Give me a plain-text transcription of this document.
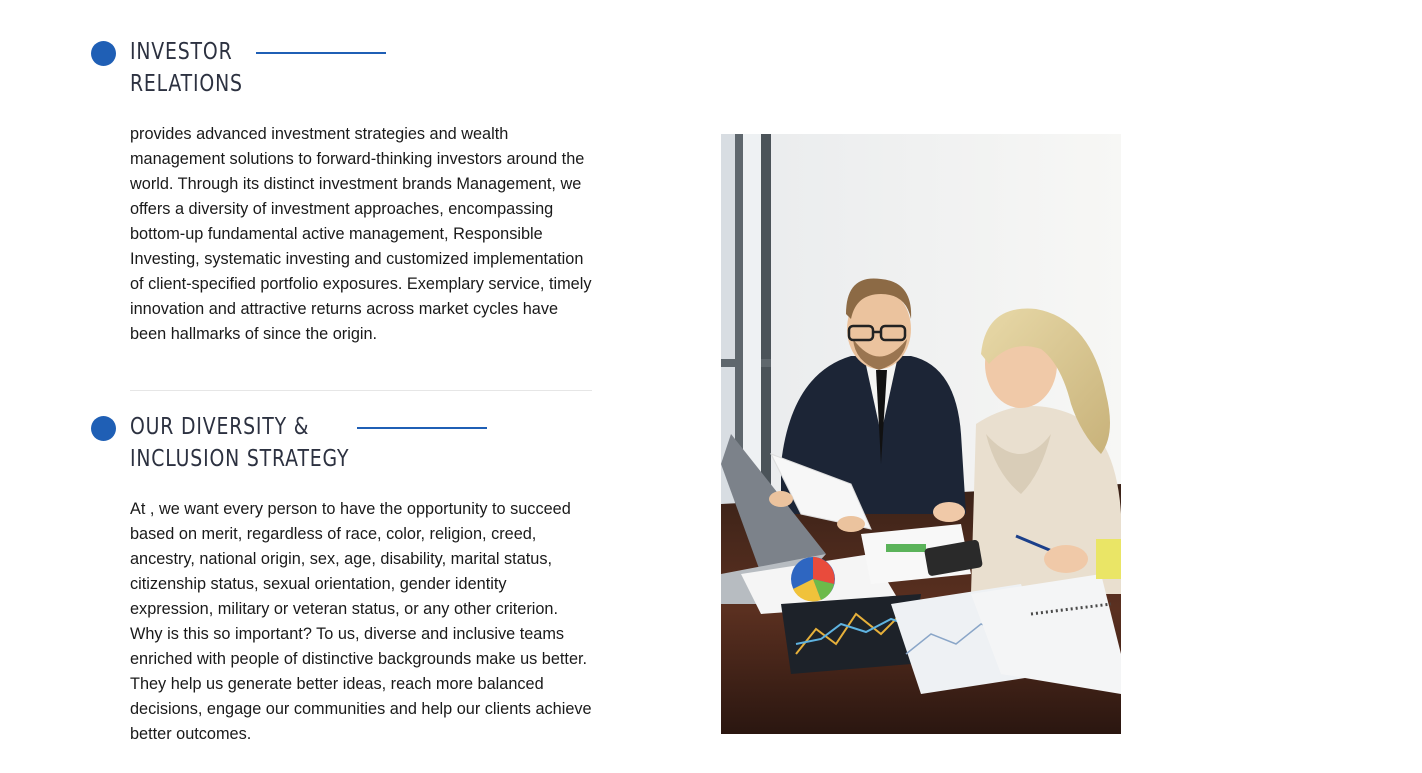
INVESTOR
RELATIONS

provides advanced investment strategies and wealth management solutions to forward-thinking investors around the world. Through its distinct investment brands Management, we offers a diversity of investment approaches, encompassing bottom-up fundamental active management, Responsible Investing, systematic investing and customized implementation of client-specified portfolio exposures. Exemplary service, timely innovation and attractive returns across market cycles have been hallmarks of since the origin.

OUR DIVERSITY &
INCLUSION STRATEGY

At , we want every person to have the opportunity to succeed based on merit, regardless of race, color, religion, creed, ancestry, national origin, sex, age, disability, marital status, citizenship status, sexual orientation, gender identity expression, military or veteran status, or any other criterion. Why is this so important? To us, diverse and inclusive teams enriched with people of distinctive backgrounds make us better. They help us generate better ideas, reach more balanced decisions, engage our communities and help our clients achieve better outcomes.
